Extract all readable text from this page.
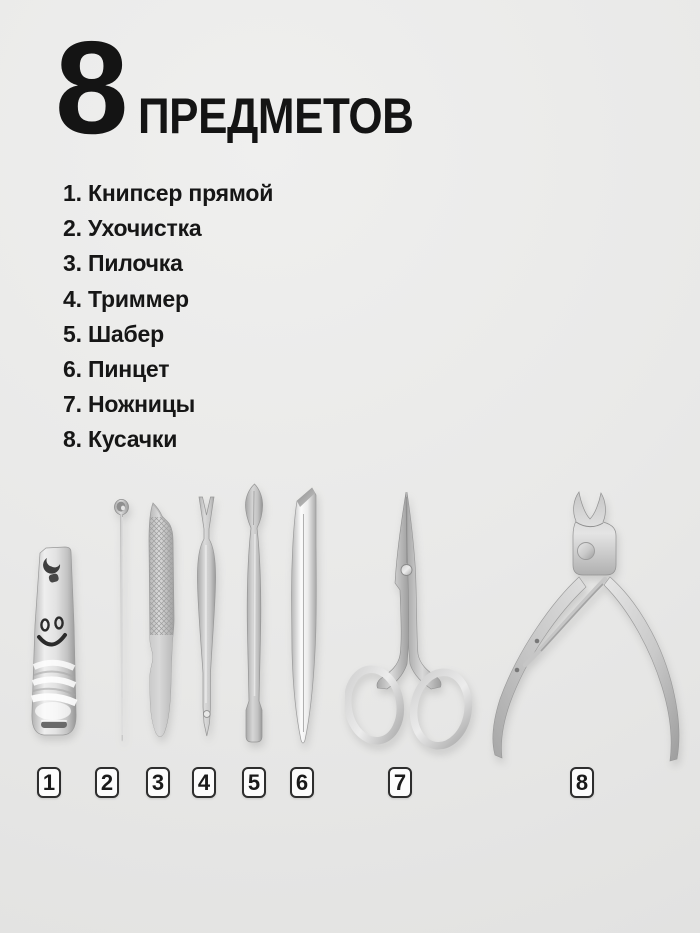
8 ПРЕДМЕТОВ
1. Книпсер прямой
2. Ухочистка
3. Пилочка
4. Триммер
5. Шабер
6. Пинцет
7. Ножницы
8. Кусачки
1 2 3 4 5 6	7	8
